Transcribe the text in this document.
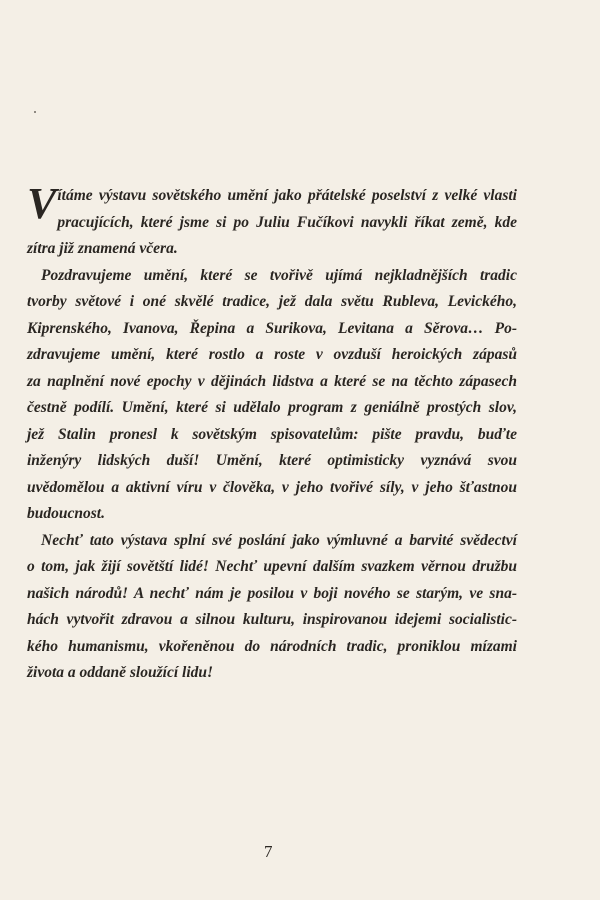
V ítáme výstavu sovětského umění jako přátelské poselství z velké vlasti
pracujících, které jsme si po Juliu Fučíkovi navykli říkat země, kde
zítra již znamená včera.
Pozdravujeme umění, které se tvořivě ujímá nejkladnějších tradic
tvorby světové i oné skvělé tradice, jež dala světu Rubleva, Levického,
Kiprenského, Ivanova, Řepina a Surikova, Levitana a Sěrova… Po-
zdravujeme umění, které rostlo a roste v ovzduší heroických zápasů
za naplnění nové epochy v dějinách lidstva a které se na těchto zápasech
čestně podílí. Umění, které si udělalo program z geniálně prostých slov,
jež Stalin pronesl k sovětským spisovatelům: pište pravdu, buďte
inženýry lidských duší! Umění, které optimisticky vyznává svou
uvědomělou a aktivní víru v člověka, v jeho tvořivé síly, v jeho šťastnou
budoucnost.
Nechť tato výstava splní své poslání jako výmluvné a barvité svědectví
o tom, jak žijí sovětští lidé! Nechť upevní dalším svazkem věrnou družbu
našich národů! A nechť nám je posilou v boji nového se starým, ve sna-
hách vytvořit zdravou a silnou kulturu, inspirovanou idejemi socialistic-
kého humanismu, vkořeněnou do národních tradic, proniklou mízami
života a oddaně sloužící lidu!
7
